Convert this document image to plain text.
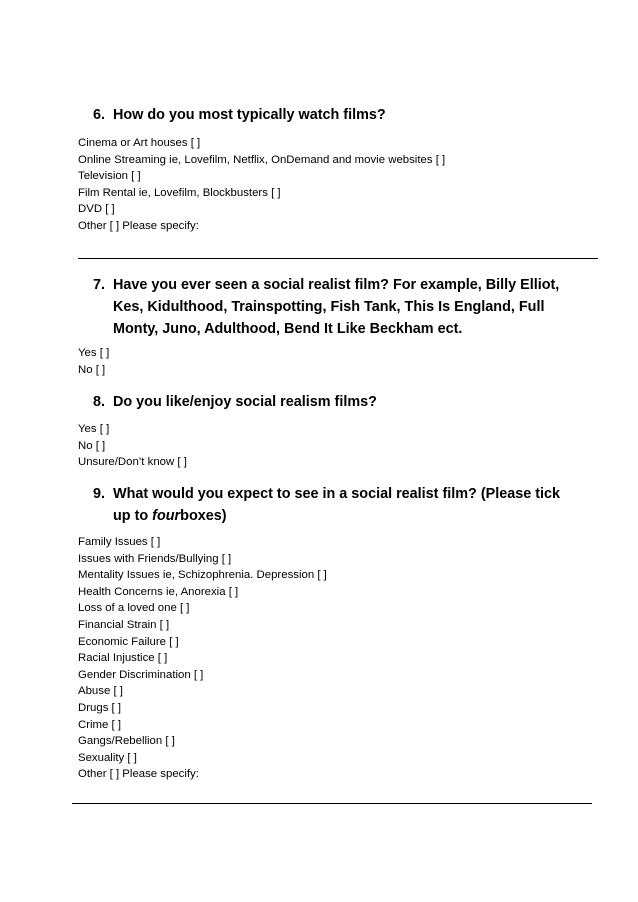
6. How do you most typically watch films?
Cinema or Art houses [ ]
Online Streaming ie, Lovefilm, Netflix, OnDemand and movie websites [ ]
Television [ ]
Film Rental ie, Lovefilm, Blockbusters [ ]
DVD [ ]
Other [ ] Please specify:
7. Have you ever seen a social realist film? For example, Billy Elliot, Kes, Kidulthood, Trainspotting, Fish Tank, This Is England, Full Monty, Juno, Adulthood, Bend It Like Beckham ect.
Yes [ ]
No [ ]
8. Do you like/enjoy social realism films?
Yes [ ]
No [ ]
Unsure/Don’t know [ ]
9. What would you expect to see in a social realist film? (Please tick up to fourboxes)
Family Issues [ ]
Issues with Friends/Bullying [ ]
Mentality Issues ie, Schizophrenia. Depression [ ]
Health Concerns ie, Anorexia [ ]
Loss of a loved one [ ]
Financial Strain [ ]
Economic Failure [ ]
Racial Injustice [ ]
Gender Discrimination [ ]
Abuse [ ]
Drugs [ ]
Crime [ ]
Gangs/Rebellion [ ]
Sexuality [ ]
Other [ ] Please specify:
